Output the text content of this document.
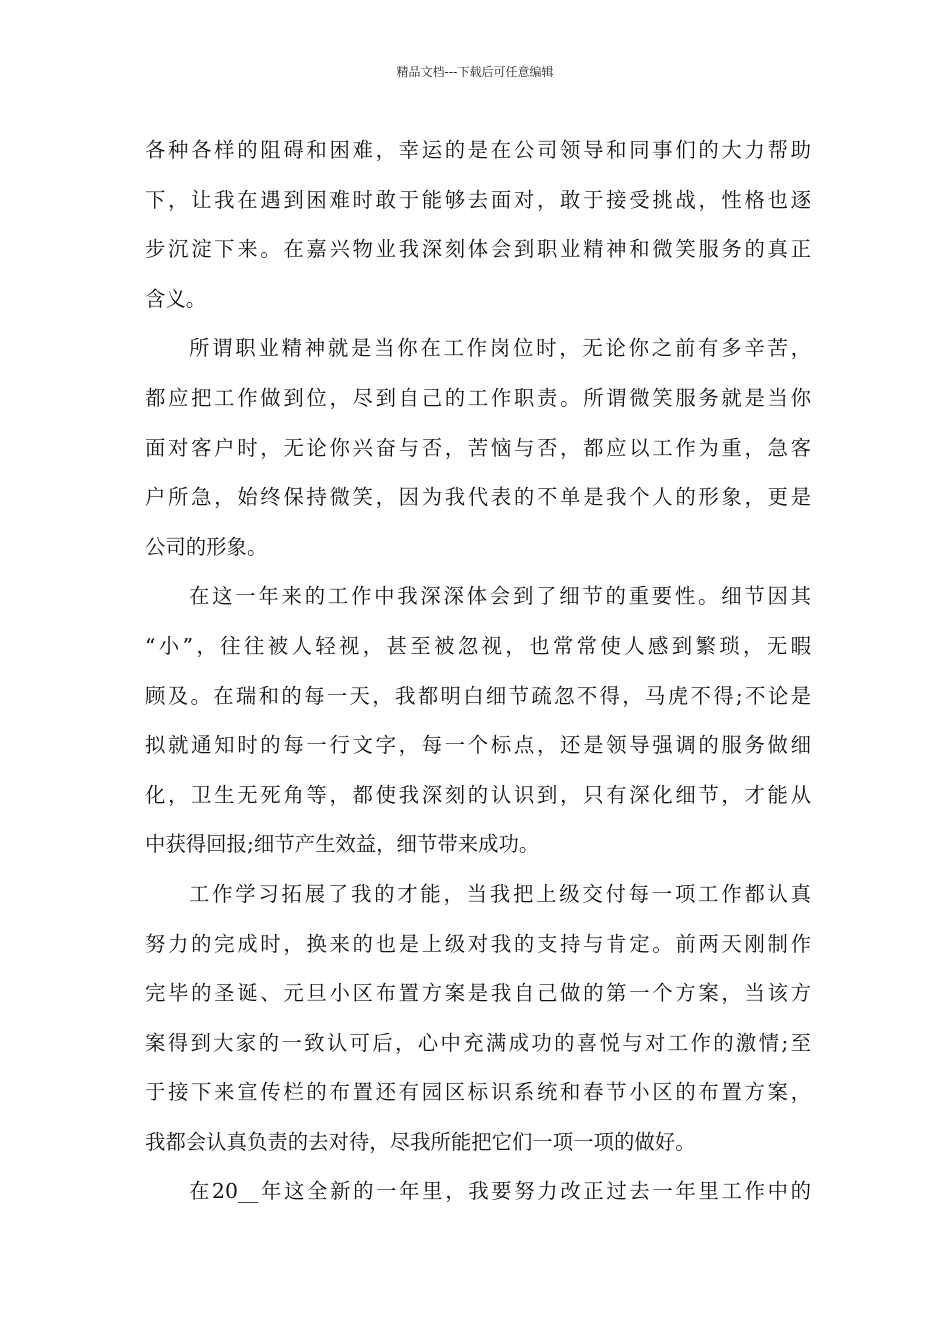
精品文档---下载后可任意编辑
各种各样的阻碍和困难，幸运的是在公司领导和同事们的大力帮助
下，让我在遇到困难时敢于能够去面对，敢于接受挑战，性格也逐
步沉淀下来。在嘉兴物业我深刻体会到职业精神和微笑服务的真正
含义。
所谓职业精神就是当你在工作岗位时，无论你之前有多辛苦，
都应把工作做到位，尽到自己的工作职责。所谓微笑服务就是当你
面对客户时，无论你兴奋与否，苦恼与否，都应以工作为重，急客
户所急，始终保持微笑，因为我代表的不单是我个人的形象，更是
公司的形象。
在这一年来的工作中我深深体会到了细节的重要性。细节因其
“小”，往往被人轻视，甚至被忽视，也常常使人感到繁琐，无暇
顾及。在瑞和的每一天，我都明白细节疏忽不得，马虎不得;不论是
拟就通知时的每一行文字，每一个标点，还是领导强调的服务做细
化，卫生无死角等，都使我深刻的认识到，只有深化细节，才能从
中获得回报;细节产生效益，细节带来成功。
工作学习拓展了我的才能，当我把上级交付每一项工作都认真
努力的完成时，换来的也是上级对我的支持与肯定。前两天刚制作
完毕的圣诞、元旦小区布置方案是我自己做的第一个方案，当该方
案得到大家的一致认可后，心中充满成功的喜悦与对工作的激情;至
于接下来宣传栏的布置还有园区标识系统和春节小区的布置方案，
我都会认真负责的去对待，尽我所能把它们一项一项的做好。
在20__年这全新的一年里，我要努力改正过去一年里工作中的
